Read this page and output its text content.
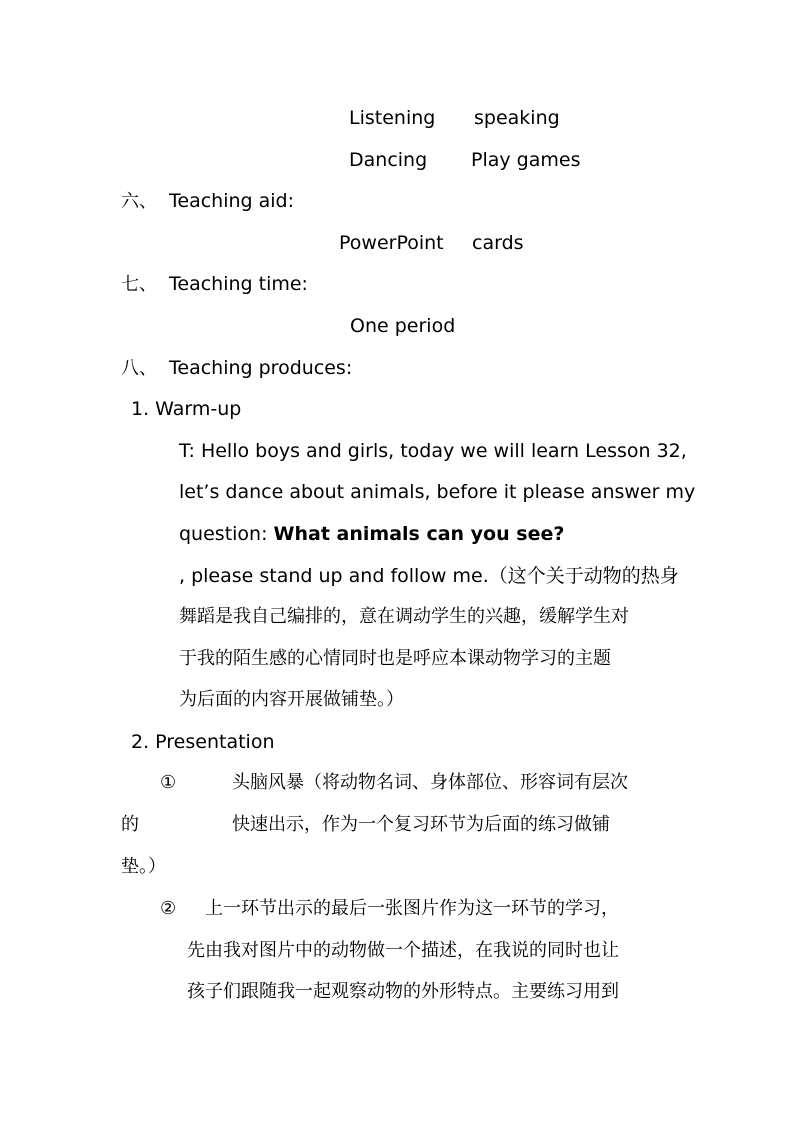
Listening speaking
Dancing Play games
六、 Teaching aid:
PowerPoint cards
七、 Teaching time:
One period
八、 Teaching produces:
1. Warm-up
T: Hello boys and girls, today we will learn Lesson 32,
let’s dance about animals, before it please answer my
question: What animals can you see?
, please stand up and follow me.（这个关于动物的热身
舞蹈是我自己编排的，意在调动学生的兴趣，缓解学生对
于我的陌生感的心情同时也是呼应本课动物学习的主题
为后面的内容开展做铺垫。）
2. Presentation
①	头脑风暴（将动物名词、身体部位、形容词有层次
的	快速出示，作为一个复习环节为后面的练习做铺
垫。）
② 上一环节出示的最后一张图片作为这一环节的学习，
先由我对图片中的动物做一个描述，在我说的同时也让
孩子们跟随我一起观察动物的外形特点。主要练习用到
